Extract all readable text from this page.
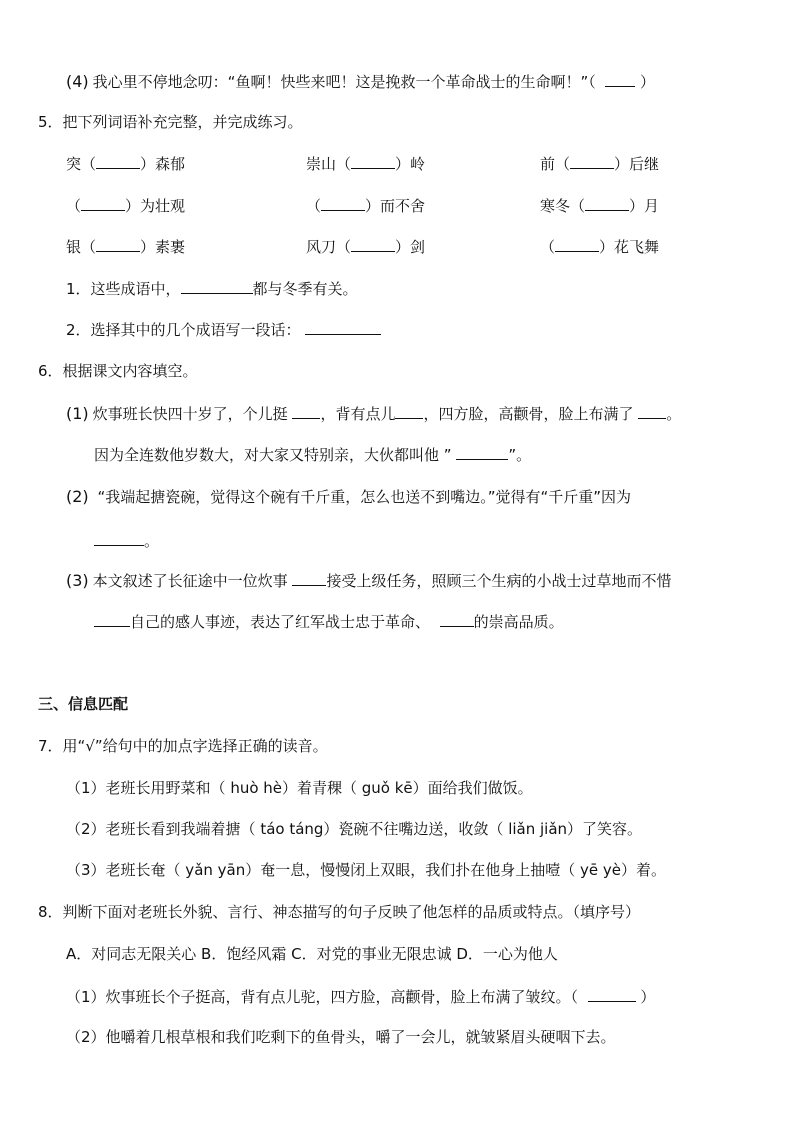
(4) 我心里不停地念叨：“鱼啊！快些来吧！这是挽救一个革命战士的生命啊！”（	）
5．把下列词语补充完整，并完成练习。
突（	）森郁	崇山（	）岭	前（	）后继
（	）为壮观	（	）而不舍	寒冬（	）月
银（	）素裹	风刀（	）剑	（	）花飞舞
1．这些成语中，	都与冬季有关。
2．选择其中的几个成语写一段话：
6．根据课文内容填空。
(1) 炊事班长快四十岁了，个儿挺 ，背有点儿 ，四方脸，高颧骨，脸上布满了 。
因为全连数他岁数大，对大家又特别亲，大伙都叫他 ”	”。
(2) “我端起搪瓷碗，觉得这个碗有千斤重，怎么也送不到嘴边。”觉得有“千斤重”因为
。
(3) 本文叙述了长征途中一位炊事	接受上级任务，照顾三个生病的小战士过草地而不惜
自己的感人事迹，表达了红军战士忠于革命、	的崇高品质。
三、信息匹配
7．用“√”给句中的加点字选择正确的读音。
（1）老班长用野菜和（ huò hè）着青稞（ guǒ kē）面给我们做饭。
（2）老班长看到我端着搪（ táo táng）瓷碗不往嘴边送，收敛（ liǎn jiǎn）了笑容。
（3）老班长奄（ yǎn yān）奄一息，慢慢闭上双眼，我们扑在他身上抽噎（ yē yè）着。
8．判断下面对老班长外貌、言行、神态描写的句子反映了他怎样的品质或特点。（填序号）
A．对同志无限关心 B．饱经风霜 C．对党的事业无限忠诚 D．一心为他人
（1）炊事班长个子挺高，背有点儿驼，四方脸，高颧骨，脸上布满了皱纹。（	）
（2）他嚼着几根草根和我们吃剩下的鱼骨头，嚼了一会儿，就皱紧眉头硬咽下去。
